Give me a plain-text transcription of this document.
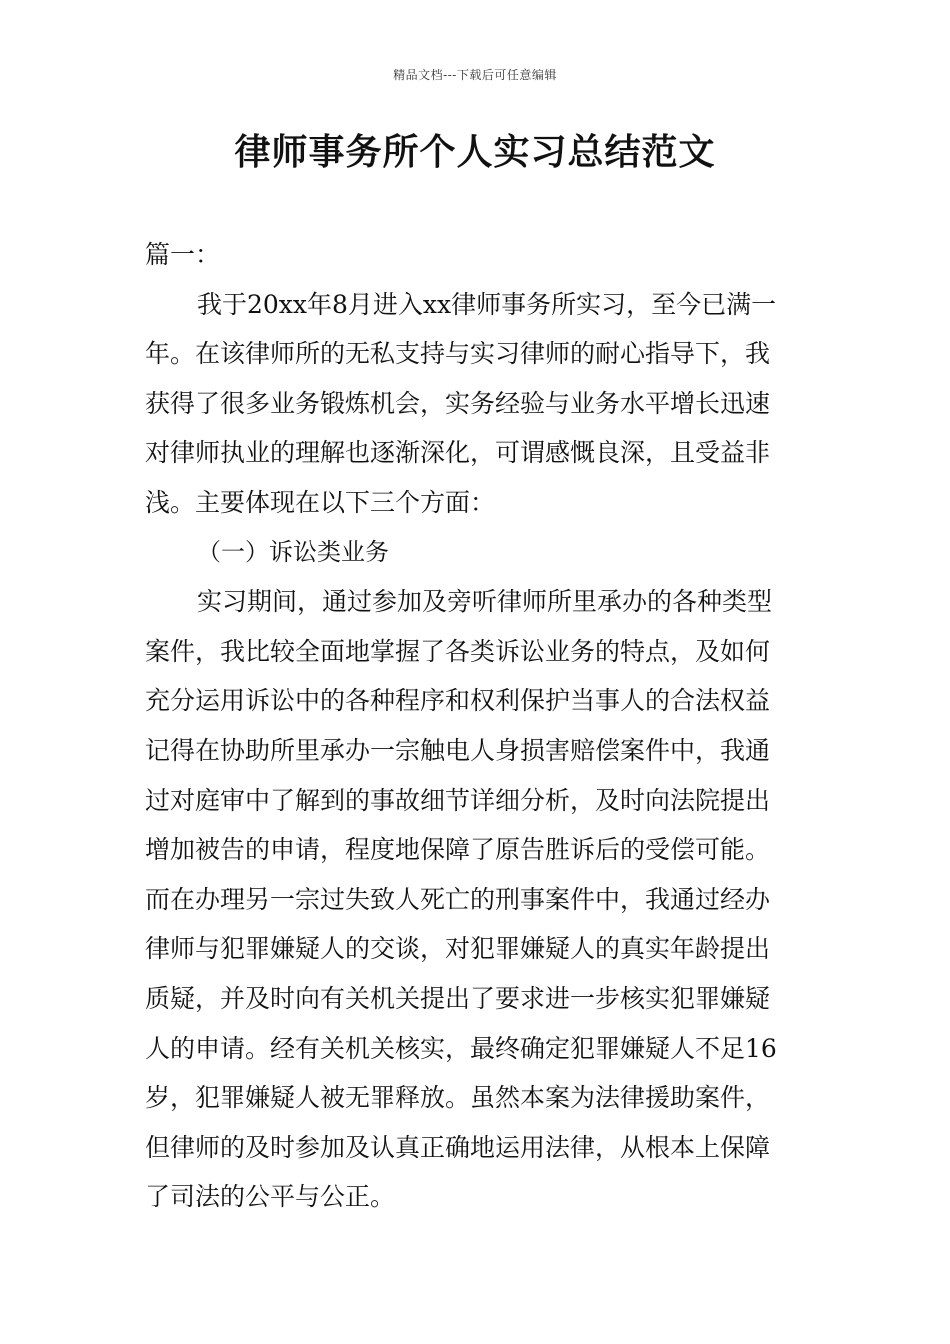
精品文档---下载后可任意编辑
律师事务所个人实习总结范文
篇一：
我于20xx年8月进入xx律师事务所实习，至今已满一
年。在该律师所的无私支持与实习律师的耐心指导下，我
获得了很多业务锻炼机会，实务经验与业务水平增长迅速
对律师执业的理解也逐渐深化，可谓感慨良深，且受益非
浅。主要体现在以下三个方面：
（一）诉讼类业务
实习期间，通过参加及旁听律师所里承办的各种类型
案件，我比较全面地掌握了各类诉讼业务的特点，及如何
充分运用诉讼中的各种程序和权利保护当事人的合法权益
记得在协助所里承办一宗触电人身损害赔偿案件中，我通
过对庭审中了解到的事故细节详细分析，及时向法院提出
增加被告的申请，程度地保障了原告胜诉后的受偿可能。
而在办理另一宗过失致人死亡的刑事案件中，我通过经办
律师与犯罪嫌疑人的交谈，对犯罪嫌疑人的真实年龄提出
质疑，并及时向有关机关提出了要求进一步核实犯罪嫌疑
人的申请。经有关机关核实，最终确定犯罪嫌疑人不足16
岁，犯罪嫌疑人被无罪释放。虽然本案为法律援助案件，
但律师的及时参加及认真正确地运用法律，从根本上保障
了司法的公平与公正。
